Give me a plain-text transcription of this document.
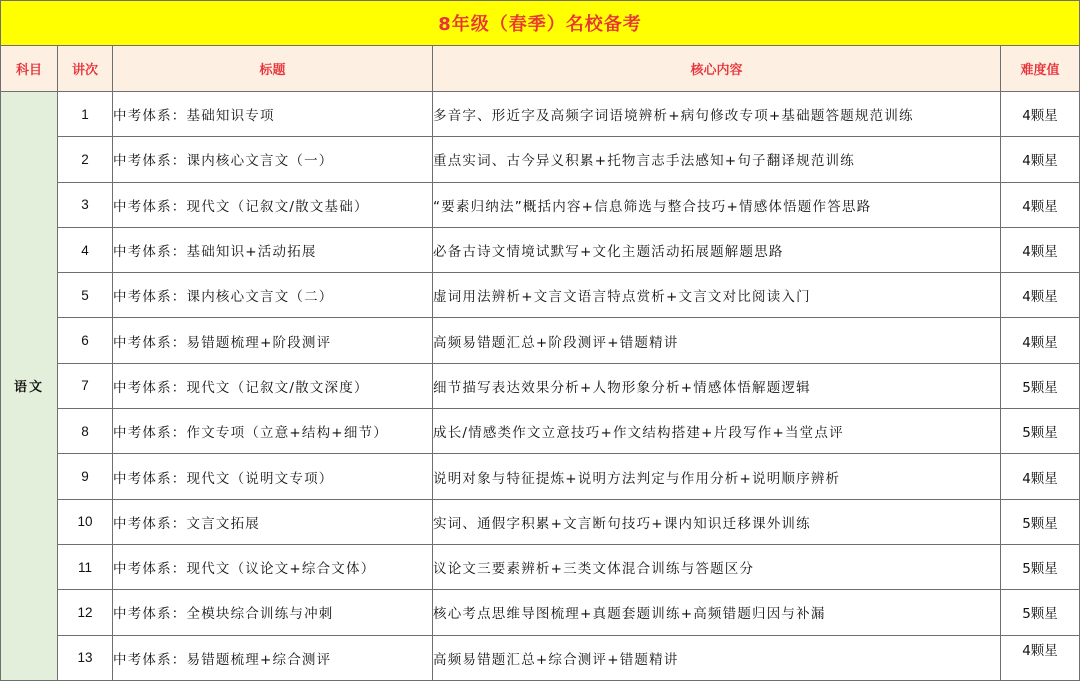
8年级（春季）名校备考				
科目	讲次	标题	核心内容	难度值
语文	1	中考体系：基础知识专项	多音字、形近字及高频字词语境辨析+病句修改专项+基础题答题规范训练	4颗星
	2	中考体系：课内核心文言文（一）	重点实词、古今异义积累+托物言志手法感知+句子翻译规范训练	4颗星
	3	中考体系：现代文（记叙文/散文基础）	“要素归纳法”概括内容+信息筛选与整合技巧+情感体悟题作答思路	4颗星
	4	中考体系：基础知识+活动拓展	必备古诗文情境试默写+文化主题活动拓展题解题思路	4颗星
	5	中考体系：课内核心文言文（二）	虚词用法辨析+文言文语言特点赏析+文言文对比阅读入门	4颗星
	6	中考体系：易错题梳理+阶段测评	高频易错题汇总+阶段测评+错题精讲	4颗星
	7	中考体系：现代文（记叙文/散文深度）	细节描写表达效果分析+人物形象分析+情感体悟解题逻辑	5颗星
	8	中考体系：作文专项（立意+结构+细节）	成长/情感类作文立意技巧+作文结构搭建+片段写作+当堂点评	5颗星
	9	中考体系：现代文（说明文专项）	说明对象与特征提炼+说明方法判定与作用分析+说明顺序辨析	4颗星
	10	中考体系：文言文拓展	实词、通假字积累+文言断句技巧+课内知识迁移课外训练	5颗星
	11	中考体系：现代文（议论文+综合文体）	议论文三要素辨析+三类文体混合训练与答题区分	5颗星
	12	中考体系：全模块综合训练与冲刺	核心考点思维导图梳理+真题套题训练+高频错题归因与补漏	5颗星
	13	中考体系：易错题梳理+综合测评	高频易错题汇总+综合测评+错题精讲	4颗星
